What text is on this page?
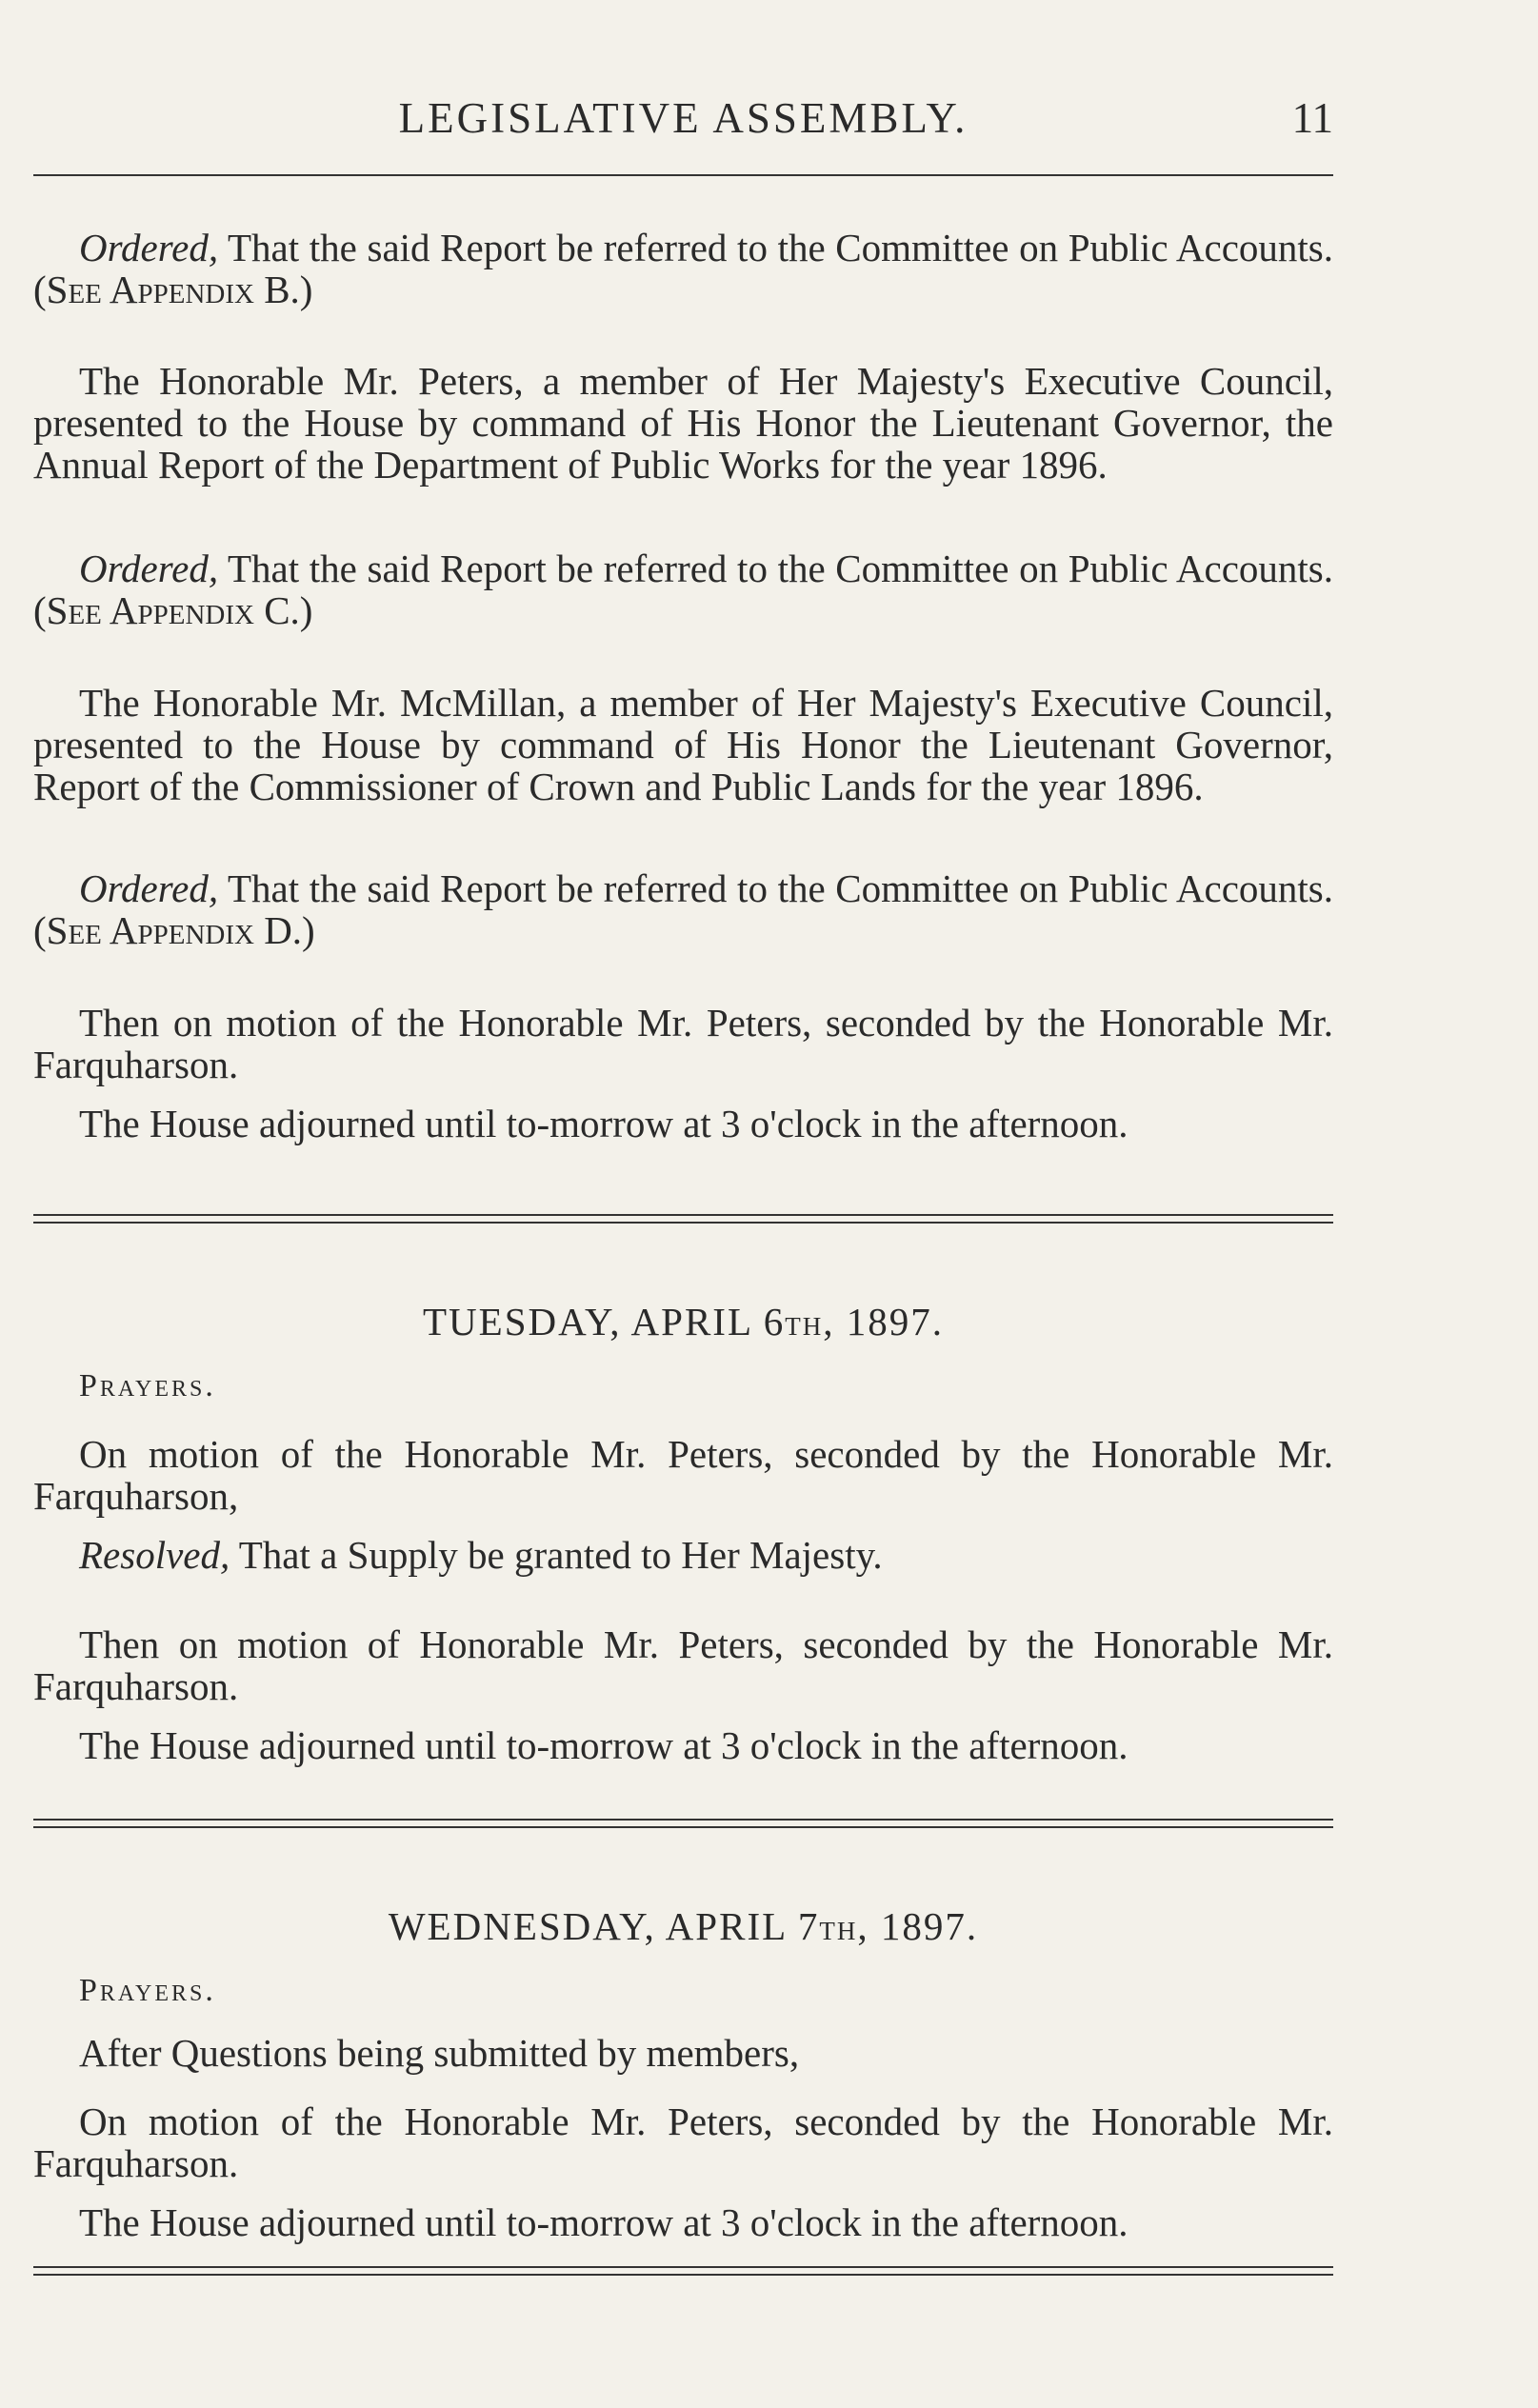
LEGISLATIVE ASSEMBLY.	11

Ordered, That the said Report be referred to the Committee on Public Accounts. (See Appendix B.)

The Honorable Mr. Peters, a member of Her Majesty's Executive Council, presented to the House by command of His Honor the Lieutenant Governor, the Annual Report of the Department of Public Works for the year 1896.

Ordered, That the said Report be referred to the Committee on Public Accounts. (See Appendix C.)

The Honorable Mr. McMillan, a member of Her Majesty's Executive Council, presented to the House by command of His Honor the Lieutenant Governor, Report of the Commissioner of Crown and Public Lands for the year 1896.

Ordered, That the said Report be referred to the Committee on Public Accounts. (See Appendix D.)

Then on motion of the Honorable Mr. Peters, seconded by the Honorable Mr. Farquharson.

The House adjourned until to-morrow at 3 o'clock in the afternoon.

TUESDAY, APRIL 6th, 1897.
Prayers.

On motion of the Honorable Mr. Peters, seconded by the Honorable Mr. Farquharson,

Resolved, That a Supply be granted to Her Majesty.

Then on motion of Honorable Mr. Peters, seconded by the Honorable Mr. Farquharson.

The House adjourned until to-morrow at 3 o'clock in the afternoon.

WEDNESDAY, APRIL 7th, 1897.
Prayers.

After Questions being submitted by members,

On motion of the Honorable Mr. Peters, seconded by the Honorable Mr. Farquharson.

The House adjourned until to-morrow at 3 o'clock in the afternoon.
